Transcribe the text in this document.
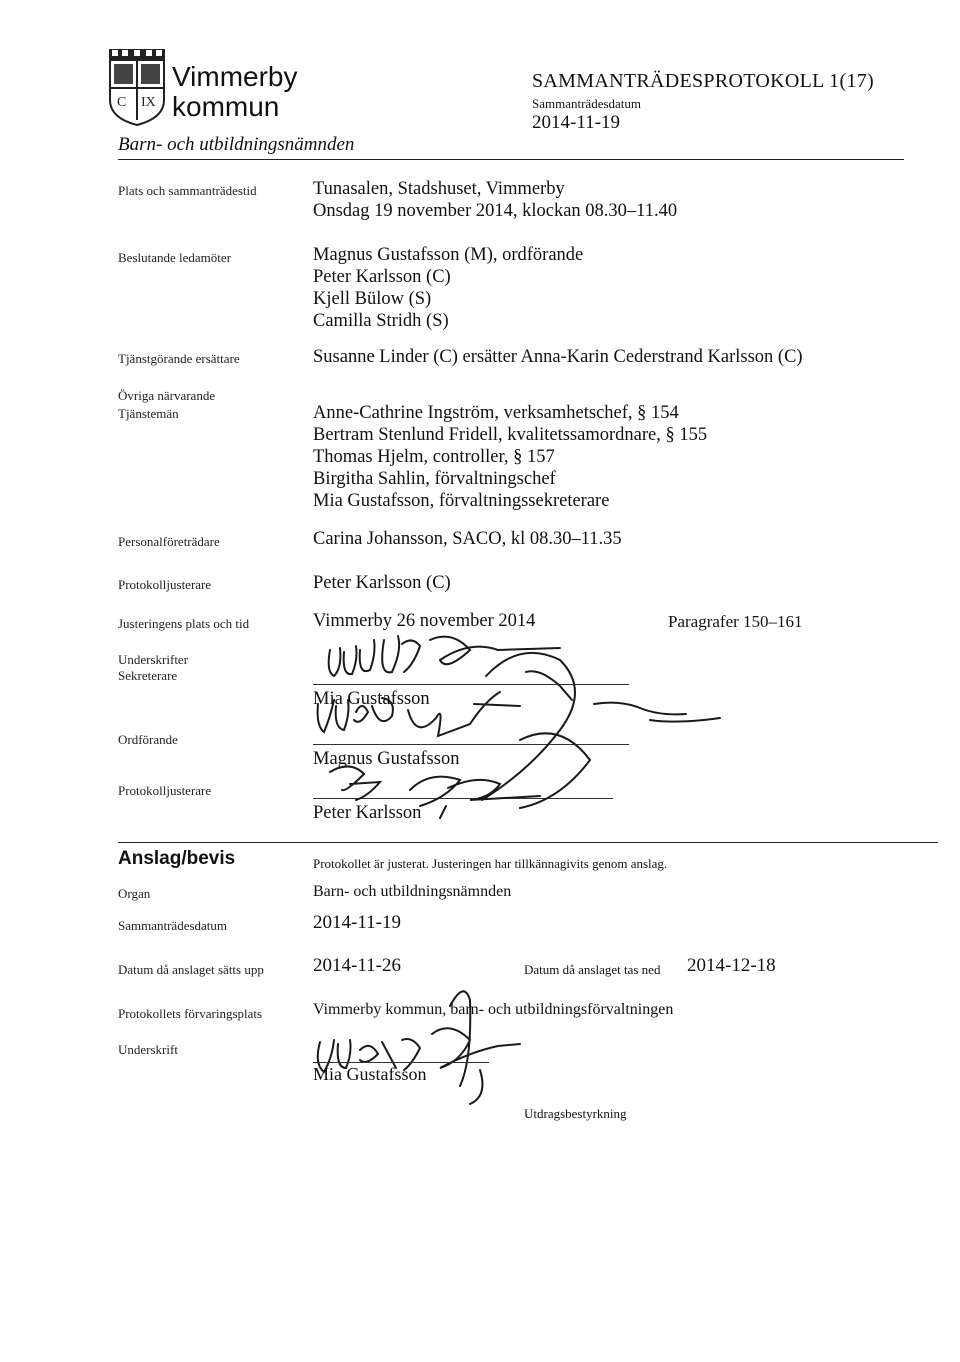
C IX
Vimmerby
kommun
Barn- och utbildningsnämnden
SAMMANTRÄDESPROTOKOLL 1(17)
Sammanträdesdatum
2014-11-19
Plats och sammanträdestid	Tunasalen, Stadshuset, Vimmerby
Onsdag 19 november 2014, klockan 08.30–11.40
Beslutande ledamöter	Magnus Gustafsson (M), ordförande
Peter Karlsson (C)
Kjell Bülow (S)
Camilla Stridh (S)
Tjänstgörande ersättare	Susanne Linder (C) ersätter Anna-Karin Cederstrand Karlsson (C)
Övriga närvarande
Tjänstemän	Anne-Cathrine Ingström, verksamhetschef, § 154
Bertram Stenlund Fridell, kvalitetssamordnare, § 155
Thomas Hjelm, controller, § 157
Birgitha Sahlin, förvaltningschef
Mia Gustafsson, förvaltningssekreterare
Personalföreträdare	Carina Johansson, SACO, kl 08.30–11.35
Protokolljusterare	Peter Karlsson (C)
Justeringens plats och tid	Vimmerby 26 november 2014	Paragrafer 150–161
Underskrifter
Sekreterare
Mia Gustafsson
Ordförande
Magnus Gustafsson
Protokolljusterare
Peter Karlsson
Anslag/bevis	Protokollet är justerat. Justeringen har tillkännagivits genom anslag.
Organ	Barn- och utbildningsnämnden
Sammanträdesdatum	2014-11-19
Datum då anslaget sätts upp	2014-11-26	Datum då anslaget tas ned 2014-12-18
Protokollets förvaringsplats	Vimmerby kommun, barn- och utbildningsförvaltningen
Underskrift
Mia Gustafsson
Utdragsbestyrkning
